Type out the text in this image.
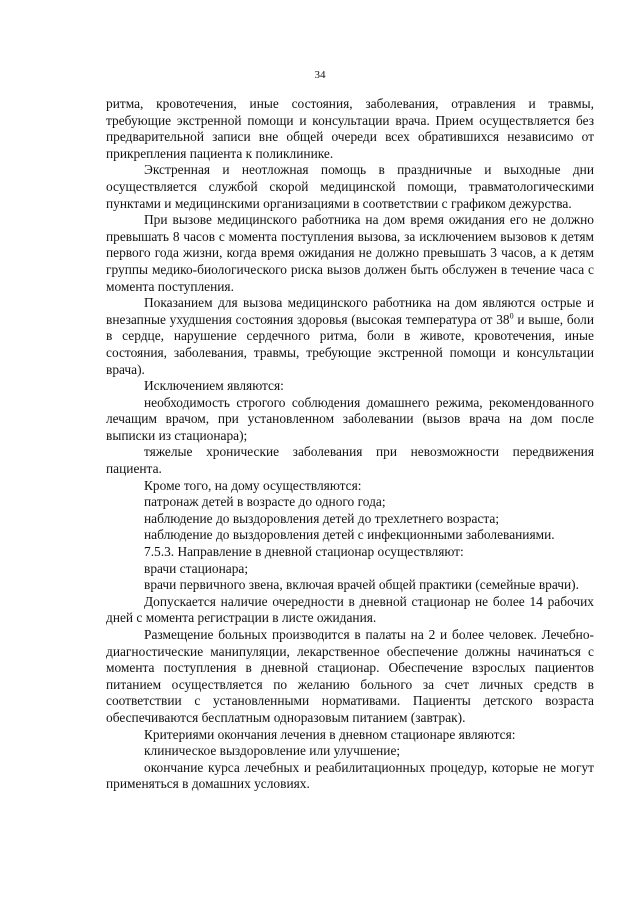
34

ритма, кровотечения, иные состояния, заболевания, отравления и травмы, требующие экстренной помощи и консультации врача. Прием осуществляется без предварительной записи вне общей очереди всех обратившихся независимо от прикрепления пациента к поликлинике.

Экстренная и неотложная помощь в праздничные и выходные дни осуществляется службой скорой медицинской помощи, травматологическими пунктами и медицинскими организациями в соответствии с графиком дежурства.

При вызове медицинского работника на дом время ожидания его не должно превышать 8 часов с момента поступления вызова, за исключением вызовов к детям первого года жизни, когда время ожидания не должно превышать 3 часов, а к детям группы медико-биологического риска вызов должен быть обслужен в течение часа с момента поступления.

Показанием для вызова медицинского работника на дом являются острые и внезапные ухудшения состояния здоровья (высокая температура от $38^0$ и выше, боли в сердце, нарушение сердечного ритма, боли в животе, кровотечения, иные состояния, заболевания, травмы, требующие экстренной помощи и консультации врача).

Исключением являются:

необходимость строгого соблюдения домашнего режима, рекомендованного лечащим врачом, при установленном заболевании (вызов врача на дом после выписки из стационара);

тяжелые хронические заболевания при невозможности передвижения пациента.

Кроме того, на дому осуществляются:

патронаж детей в возрасте до одного года;

наблюдение до выздоровления детей до трехлетнего возраста;

наблюдение до выздоровления детей с инфекционными заболеваниями.

7.5.3. Направление в дневной стационар осуществляют:

врачи стационара;

врачи первичного звена, включая врачей общей практики (семейные врачи).

Допускается наличие очередности в дневной стационар не более 14 рабочих дней с момента регистрации в листе ожидания.

Размещение больных производится в палаты на 2 и более человек. Лечебно-диагностические манипуляции, лекарственное обеспечение должны начинаться с момента поступления в дневной стационар. Обеспечение взрослых пациентов питанием осуществляется по желанию больного за счет личных средств в соответствии с установленными нормативами. Пациенты детского возраста обеспечиваются бесплатным одноразовым питанием (завтрак).

Критериями окончания лечения в дневном стационаре являются:

клиническое выздоровление или улучшение;

окончание курса лечебных и реабилитационных процедур, которые не могут применяться в домашних условиях.
